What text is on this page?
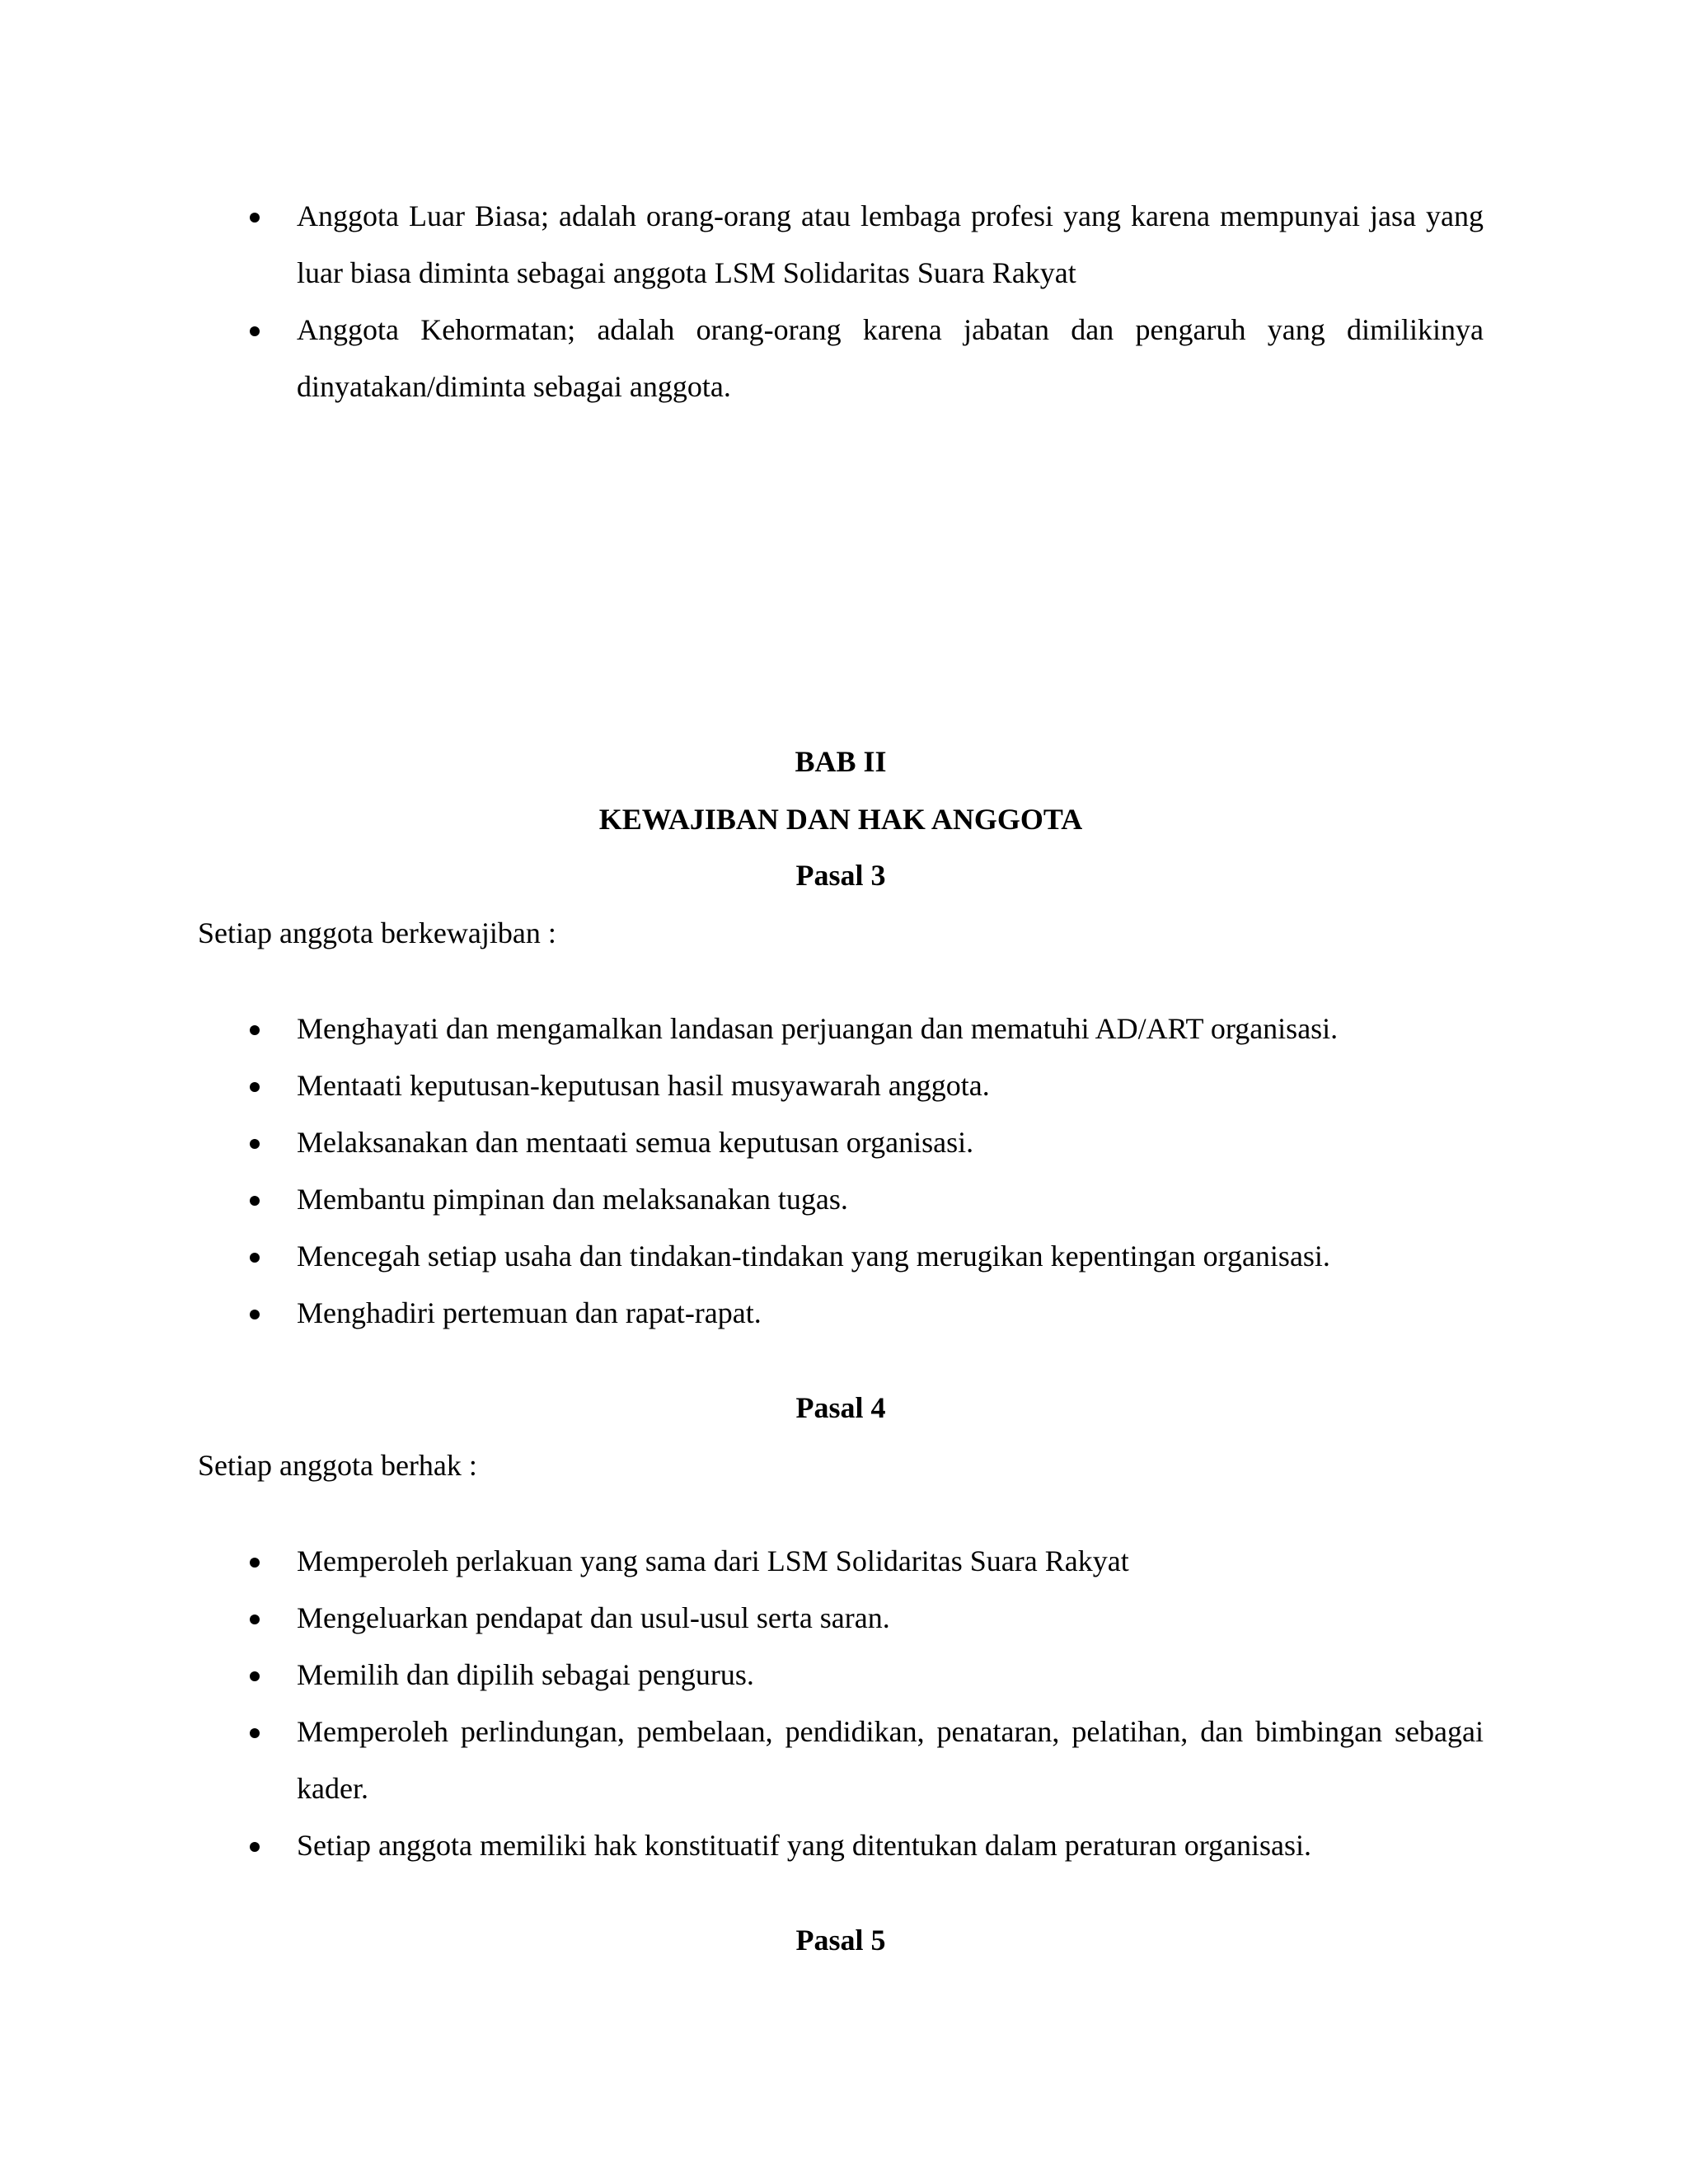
Anggota Luar Biasa; adalah orang-orang atau lembaga profesi yang karena mempunyai jasa yang luar biasa diminta sebagai anggota LSM Solidaritas Suara Rakyat
Anggota Kehormatan; adalah orang-orang karena jabatan dan pengaruh yang dimilikinya dinyatakan/diminta sebagai anggota.
BAB II
KEWAJIBAN DAN HAK ANGGOTA
Pasal 3
Setiap anggota berkewajiban :
Menghayati dan mengamalkan landasan perjuangan dan mematuhi AD/ART organisasi.
Mentaati keputusan-keputusan hasil musyawarah anggota.
Melaksanakan dan mentaati semua keputusan organisasi.
Membantu pimpinan dan melaksanakan tugas.
Mencegah setiap usaha dan tindakan-tindakan yang merugikan kepentingan organisasi.
Menghadiri pertemuan dan rapat-rapat.
Pasal 4
Setiap anggota berhak :
Memperoleh perlakuan yang sama dari LSM Solidaritas Suara Rakyat
Mengeluarkan pendapat dan usul-usul serta saran.
Memilih dan dipilih sebagai pengurus.
Memperoleh perlindungan, pembelaan, pendidikan, penataran, pelatihan, dan bimbingan sebagai kader.
Setiap anggota memiliki hak konstituatif yang ditentukan dalam peraturan organisasi.
Pasal 5
